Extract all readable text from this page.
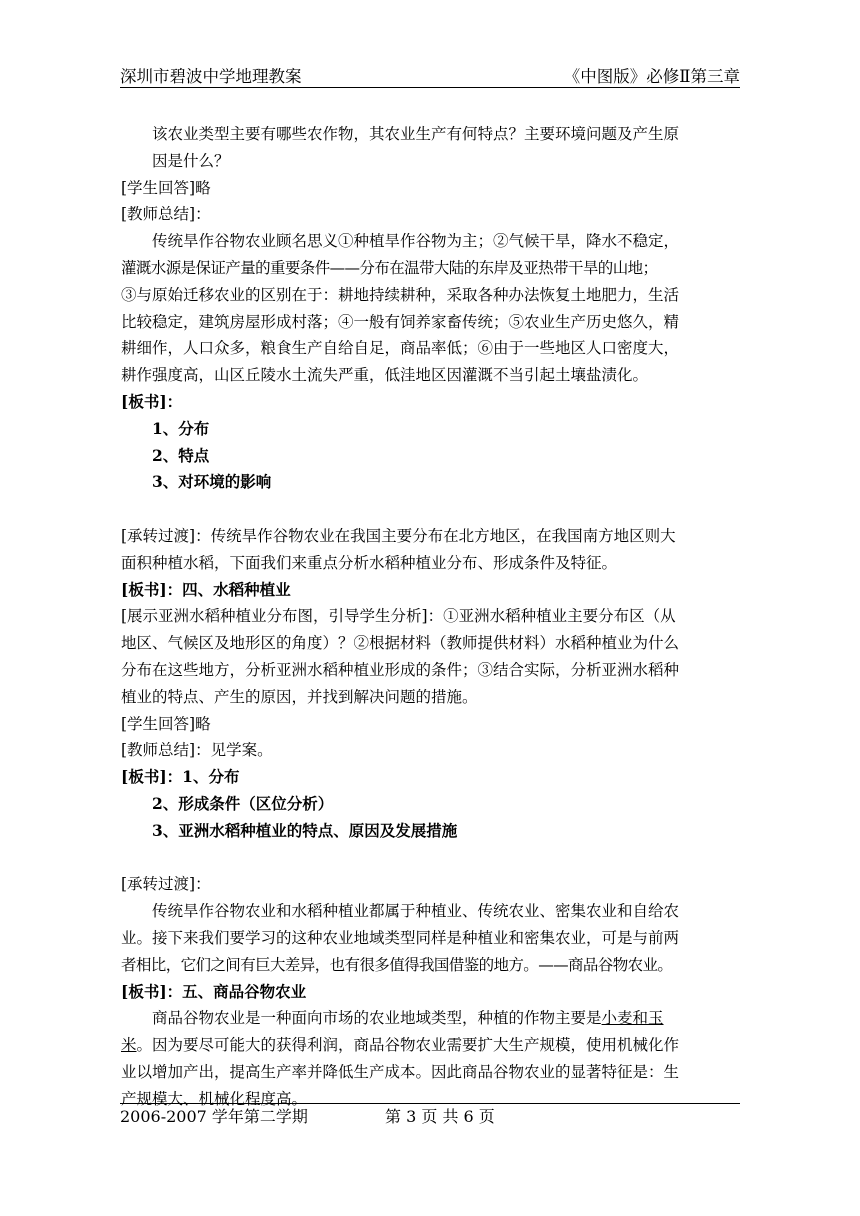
深圳市碧波中学地理教案	《中图版》必修Ⅱ第三章

该农业类型主要有哪些农作物，其农业生产有何特点？主要环境问题及产生原

因是什么？

[学生回答]略

[教师总结]：

传统旱作谷物农业顾名思义①种植旱作谷物为主；②气候干旱，降水不稳定，

灌溉水源是保证产量的重要条件——分布在温带大陆的东岸及亚热带干旱的山地；

③与原始迁移农业的区别在于：耕地持续耕种，采取各种办法恢复土地肥力，生活

比较稳定，建筑房屋形成村落；④一般有饲养家畜传统；⑤农业生产历史悠久，精

耕细作，人口众多，粮食生产自给自足，商品率低；⑥由于一些地区人口密度大，

耕作强度高，山区丘陵水土流失严重，低洼地区因灌溉不当引起土壤盐渍化。

[板书]：

1、分布

2、特点

3、对环境的影响

[承转过渡]：传统旱作谷物农业在我国主要分布在北方地区，在我国南方地区则大

面积种植水稻，下面我们来重点分析水稻种植业分布、形成条件及特征。

[板书]：四、水稻种植业

[展示亚洲水稻种植业分布图，引导学生分析]：①亚洲水稻种植业主要分布区（从

地区、气候区及地形区的角度）？②根据材料（教师提供材料）水稻种植业为什么

分布在这些地方，分析亚洲水稻种植业形成的条件；③结合实际，分析亚洲水稻种

植业的特点、产生的原因，并找到解决问题的措施。

[学生回答]略

[教师总结]：见学案。

[板书]：1、分布

2、形成条件（区位分析）

3、亚洲水稻种植业的特点、原因及发展措施

[承转过渡]：

传统旱作谷物农业和水稻种植业都属于种植业、传统农业、密集农业和自给农

业。接下来我们要学习的这种农业地域类型同样是种植业和密集农业，可是与前两

者相比，它们之间有巨大差异，也有很多值得我国借鉴的地方。——商品谷物农业。

[板书]：五、商品谷物农业

商品谷物农业是一种面向市场的农业地域类型，种植的作物主要是小麦和玉

米。因为要尽可能大的获得利润，商品谷物农业需要扩大生产规模，使用机械化作

业以增加产出，提高生产率并降低生产成本。因此商品谷物农业的显著特征是：生

产规模大、机械化程度高。

2006-2007 学年第二学期	第 3 页 共 6 页
